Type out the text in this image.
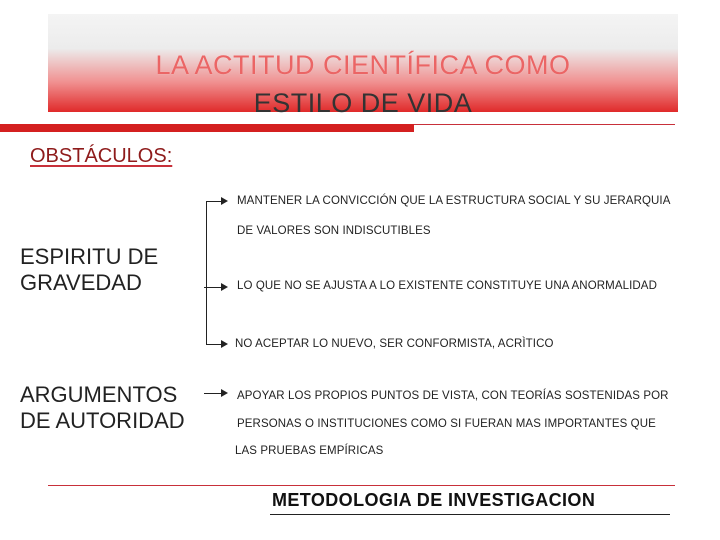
LA ACTITUD CIENTÍFICA COMO
ESTILO DE VIDA
OBSTÁCULOS:
ESPIRITU DE
GRAVEDAD
MANTENER LA CONVICCIÓN QUE LA ESTRUCTURA SOCIAL Y SU JERARQUIA
DE VALORES SON INDISCUTIBLES
LO QUE NO SE AJUSTA A LO EXISTENTE CONSTITUYE UNA ANORMALIDAD
NO ACEPTAR LO NUEVO, SER CONFORMISTA, ACRÌTICO
ARGUMENTOS
DE AUTORIDAD
APOYAR LOS PROPIOS PUNTOS DE VISTA, CON TEORÍAS SOSTENIDAS POR
PERSONAS O INSTITUCIONES COMO SI FUERAN MAS IMPORTANTES QUE
LAS PRUEBAS EMPÍRICAS
METODOLOGIA DE INVESTIGACION
